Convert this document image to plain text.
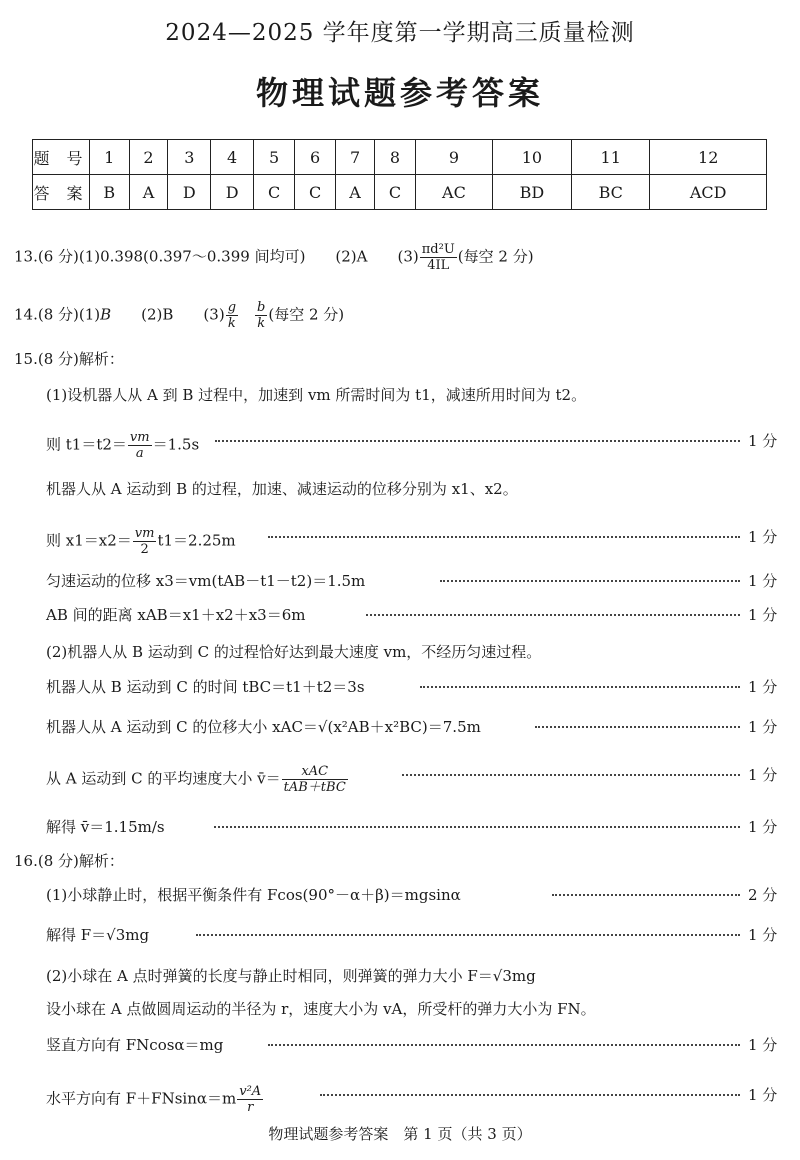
2024—2025 学年度第一学期高三质量检测
物理试题参考答案
题 号	1	2	3	4	5	6	7	8	9	10	11	12
答 案	B	A	D	D	C	C	A	C	AC	BD	BC	ACD
13.(6 分)(1)0.398(0.397～0.399 间均可)　　(2)A　　$(3) \frac{\text{πd²U}}{4IL}$ (每空 2 分)
14.(8 分)(1)B　　(2)B　　$(3) \frac{g}{k}$
　 $\frac{b}{k}$ (每空 2 分)
15.(8 分)解析：
(1)设机器人从 A 到 B 过程中，加速到 vm 所需时间为 t1，减速所用时间为 t2。
则 $t1=t2= \frac{vm}{a} =1.5s$	1 分
机器人从 A 运动到 B 的过程，加速、减速运动的位移分别为 x1、x2。
则 $x1=x2= \frac{vm}{2} t1=2.25m$	1 分
匀速运动的位移 x3＝vm(tAB－t1－t2)＝1.5m	1 分
AB 间的距离 xAB＝x1＋x2＋x3＝6m	1 分
(2)机器人从 B 运动到 C 的过程恰好达到最大速度 vm，不经历匀速过程。
机器人从 B 运动到 C 的时间 tBC＝t1＋t2＝3s	1 分
机器人从 A 运动到 C 的位移大小 xAC＝√(x²AB＋x²BC)＝7.5m	1 分
从 A 运动到 C 的平均速度大小 v̄＝ $\frac{\text{xAC}}{\text{tAB＋tBC}}$	1 分
解得 v̄＝1.15m/s	1 分
16.(8 分)解析：
(1)小球静止时，根据平衡条件有 Fcos(90°－α＋β)＝mgsinα	2 分
解得 F＝√3mg	1 分
(2)小球在 A 点时弹簧的长度与静止时相同，则弹簧的弹力大小 F＝√3mg
设小球在 A 点做圆周运动的半径为 r，速度大小为 vA，所受杆的弹力大小为 FN。
竖直方向有 FNcosα＝mg	1 分
水平方向有 $F+FNsin\alpha=m \frac{\text{v²A}}{r}$	1 分
物理试题参考答案　第 1 页（共 3 页）
